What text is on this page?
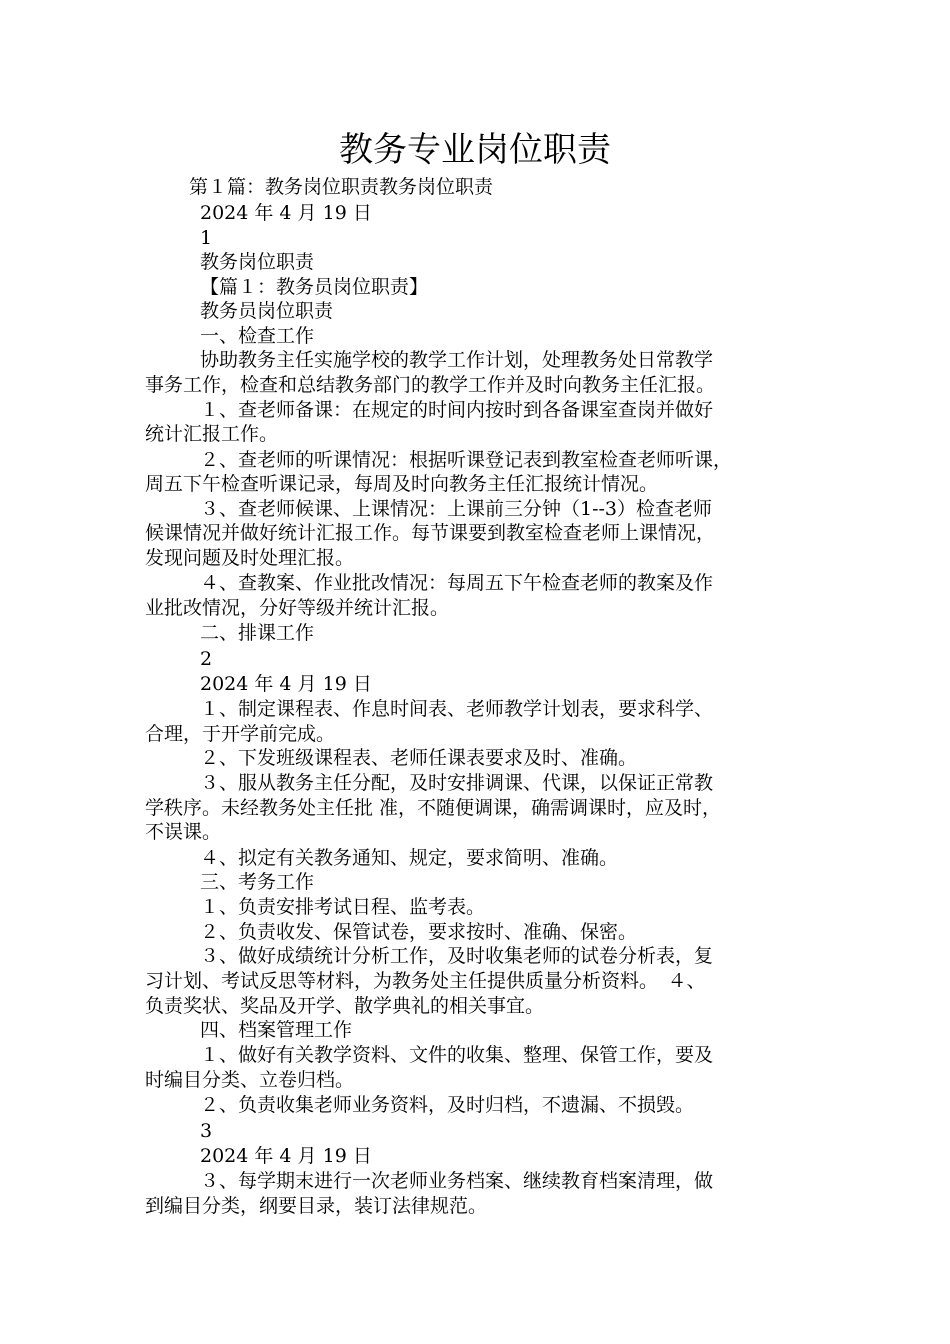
教务专业岗位职责
第１篇：教务岗位职责教务岗位职责
2024 年 4 月 19 日
1
教务岗位职责
【篇１：教务员岗位职责】
教务员岗位职责
一、检查工作
协助教务主任实施学校的教学工作计划，处理教务处日常教学
事务工作，检查和总结教务部门的教学工作并及时向教务主任汇报。
１、查老师备课：在规定的时间内按时到各备课室查岗并做好
统计汇报工作。
２、查老师的听课情况：根据听课登记表到教室检查老师听课，
周五下午检查听课记录，每周及时向教务主任汇报统计情况。
３、查老师候课、上课情况：上课前三分钟（1--3）检查老师
候课情况并做好统计汇报工作。每节课要到教室检查老师上课情况，
发现问题及时处理汇报。
４、查教案、作业批改情况：每周五下午检查老师的教案及作
业批改情况，分好等级并统计汇报。
二、排课工作
2
2024 年 4 月 19 日
１、制定课程表、作息时间表、老师教学计划表，要求科学、
合理，于开学前完成。
２、下发班级课程表、老师任课表要求及时、准确。
３、服从教务主任分配，及时安排调课、代课，以保证正常教
学秩序。未经教务处主任批 准，不随便调课，确需调课时，应及时，
不误课。
４、拟定有关教务通知、规定，要求简明、准确。
三、考务工作
１、负责安排考试日程、监考表。
２、负责收发、保管试卷，要求按时、准确、保密。
３、做好成绩统计分析工作，及时收集老师的试卷分析表，复
习计划、考试反思等材料，为教务处主任提供质量分析资料。　４、
负责奖状、奖品及开学、散学典礼的相关事宜。
四、档案管理工作
１、做好有关教学资料、文件的收集、整理、保管工作，要及
时编目分类、立卷归档。
２、负责收集老师业务资料，及时归档，不遗漏、不损毁。
3
2024 年 4 月 19 日
３、每学期末进行一次老师业务档案、继续教育档案清理，做
到编目分类，纲要目录，装订法律规范。
